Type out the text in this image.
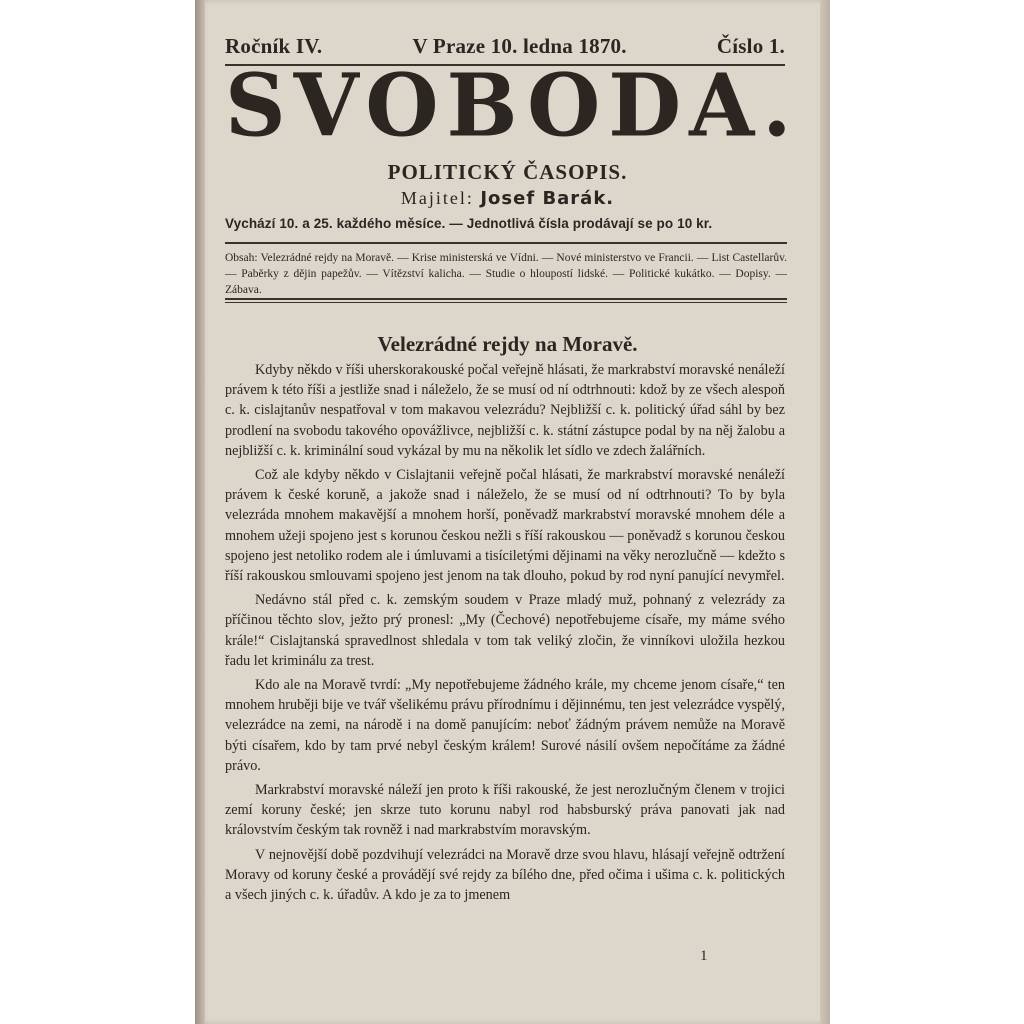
Ročník IV.	V Praze 10. ledna 1870.	Číslo 1.
SVOBODA.
POLITICKÝ ČASOPIS.
Majitel: Josef Barák.
Vychází 10. a 25. každého měsíce. — Jednotlivá čísla prodávají se po 10 kr.
Obsah: Velezrádné rejdy na Moravě. — Krise ministerská ve Vídni. — Nové ministerstvo ve Francii. — List Castellarův. — Paběrky z dějin papežův. — Vítězství kalicha. — Studie o hloupostí lidské. — Politické kukátko. — Dopisy. — Zábava.
Velezrádné rejdy na Moravě.

Kdyby někdo v říši uherskorakouské počal veřejně hlásati, že markrabství moravské nenáleží právem k této říši a jestliže snad i náleželo, že se musí od ní odtrhnouti: kdož by ze všech alespoň c. k. cislajtanův nespatřoval v tom makavou velezrádu? Nejbližší c. k. politický úřad sáhl by bez prodlení na svobodu takového opovážlivce, nejbližší c. k. státní zástupce podal by na něj žalobu a nejbližší c. k. kriminální soud vykázal by mu na několik let sídlo ve zdech žalářních.

Což ale kdyby někdo v Cislajtanii veřejně počal hlásati, že markrabství moravské nenáleží právem k české koruně, a jakože snad i náleželo, že se musí od ní odtrhnouti? To by byla velezráda mnohem makavější a mnohem horší, poněvadž markrabství moravské mnohem déle a mnohem užeji spojeno jest s korunou českou nežli s říší rakouskou — poněvadž s korunou českou spojeno jest netoliko rodem ale i úmluvami a tisíciletými dějinami na věky nerozlučně — kdežto s říší rakouskou smlouvami spojeno jest jenom na tak dlouho, pokud by rod nyní panující nevymřel.

Nedávno stál před c. k. zemským soudem v Praze mladý muž, pohnaný z velezrády za příčinou těchto slov, ježto prý pronesl: „My (Čechové) nepotřebujeme císaře, my máme svého krále!“ Cislajtanská spravedlnost shledala v tom tak veliký zločin, že vinníkovi uložila hezkou řadu let kriminálu za trest.

Kdo ale na Moravě tvrdí: „My nepotřebujeme žádného krále, my chceme jenom císaře,“ ten mnohem hruběji bije ve tvář všelikému právu přírodnímu i dějinnému, ten jest velezrádce vyspělý, velezrádce na zemi, na národě i na domě panujícím: neboť žádným právem nemůže na Moravě býti císařem, kdo by tam prvé nebyl českým králem! Surové násilí ovšem nepočítáme za žádné právo.

Markrabství moravské náleží jen proto k říši rakouské, že jest nerozlučným členem v trojici zemí koruny české; jen skrze tuto korunu nabyl rod habsburský práva panovati jak nad královstvím českým tak rovněž i nad markrabstvím moravským.

V nejnovější době pozdvihují velezrádci na Moravě drze svou hlavu, hlásají veřejně odtržení Moravy od koruny české a provádějí své rejdy za bílého dne, před očima i ušima c. k. politických a všech jiných c. k. úřadův. A kdo je za to jmenem

1
